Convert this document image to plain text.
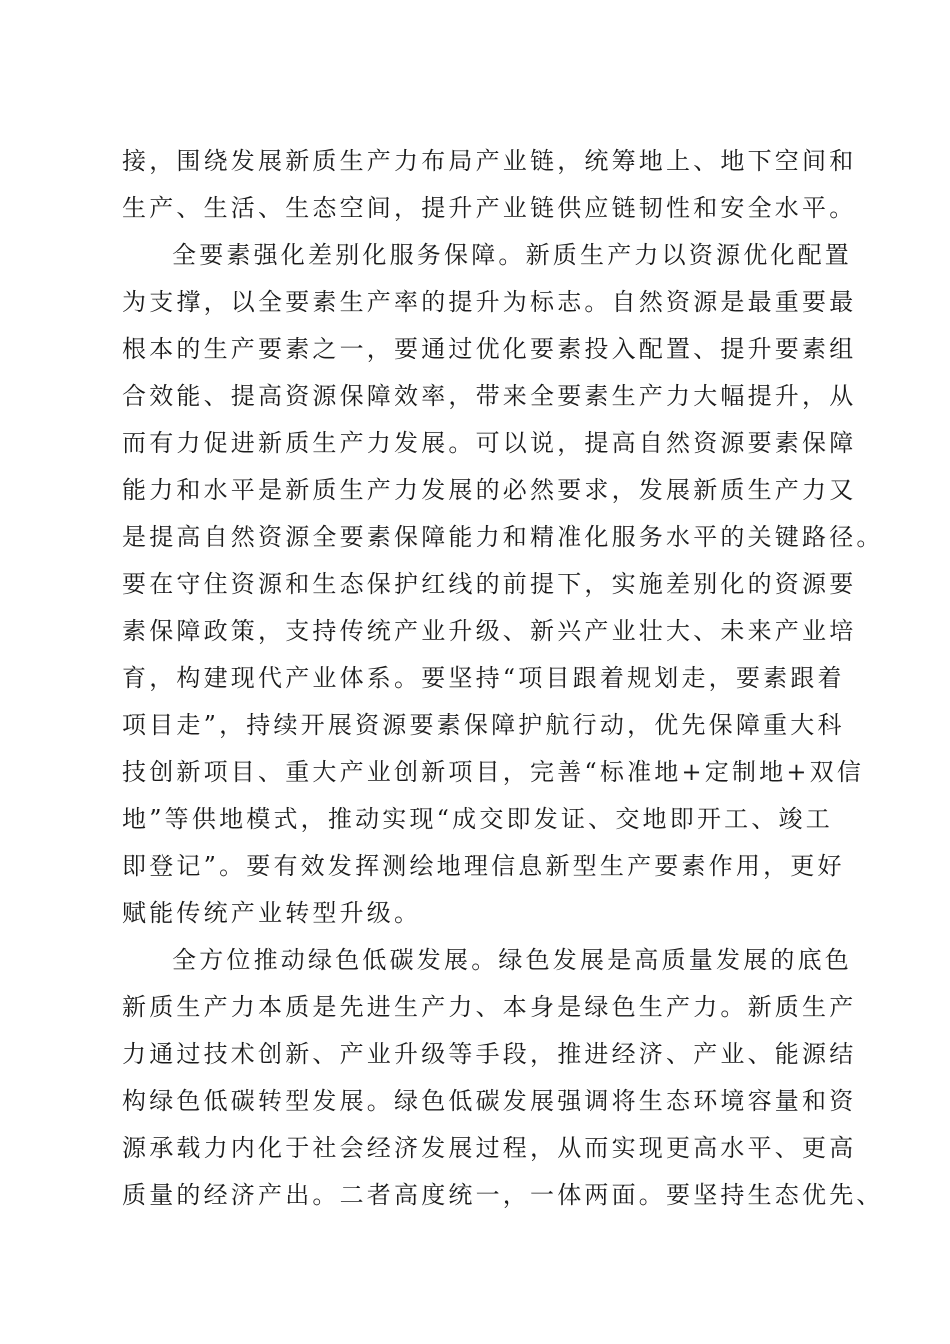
接，围绕发展新质生产力布局产业链，统筹地上、地下空间和
生产、生活、生态空间，提升产业链供应链韧性和安全水平。
全要素强化差别化服务保障。新质生产力以资源优化配置
为支撑，以全要素生产率的提升为标志。自然资源是最重要最
根本的生产要素之一，要通过优化要素投入配置、提升要素组
合效能、提高资源保障效率，带来全要素生产力大幅提升，从
而有力促进新质生产力发展。可以说，提高自然资源要素保障
能力和水平是新质生产力发展的必然要求，发展新质生产力又
是提高自然资源全要素保障能力和精准化服务水平的关键路径。
要在守住资源和生态保护红线的前提下，实施差别化的资源要
素保障政策，支持传统产业升级、新兴产业壮大、未来产业培
育，构建现代产业体系。要坚持“项目跟着规划走，要素跟着
项目走”，持续开展资源要素保障护航行动，优先保障重大科
技创新项目、重大产业创新项目，完善“标准地+定制地+双信
地”等供地模式，推动实现“成交即发证、交地即开工、竣工
即登记”。要有效发挥测绘地理信息新型生产要素作用，更好
赋能传统产业转型升级。
全方位推动绿色低碳发展。绿色发展是高质量发展的底色
新质生产力本质是先进生产力、本身是绿色生产力。新质生产
力通过技术创新、产业升级等手段，推进经济、产业、能源结
构绿色低碳转型发展。绿色低碳发展强调将生态环境容量和资
源承载力内化于社会经济发展过程，从而实现更高水平、更高
质量的经济产出。二者高度统一，一体两面。要坚持生态优先、
